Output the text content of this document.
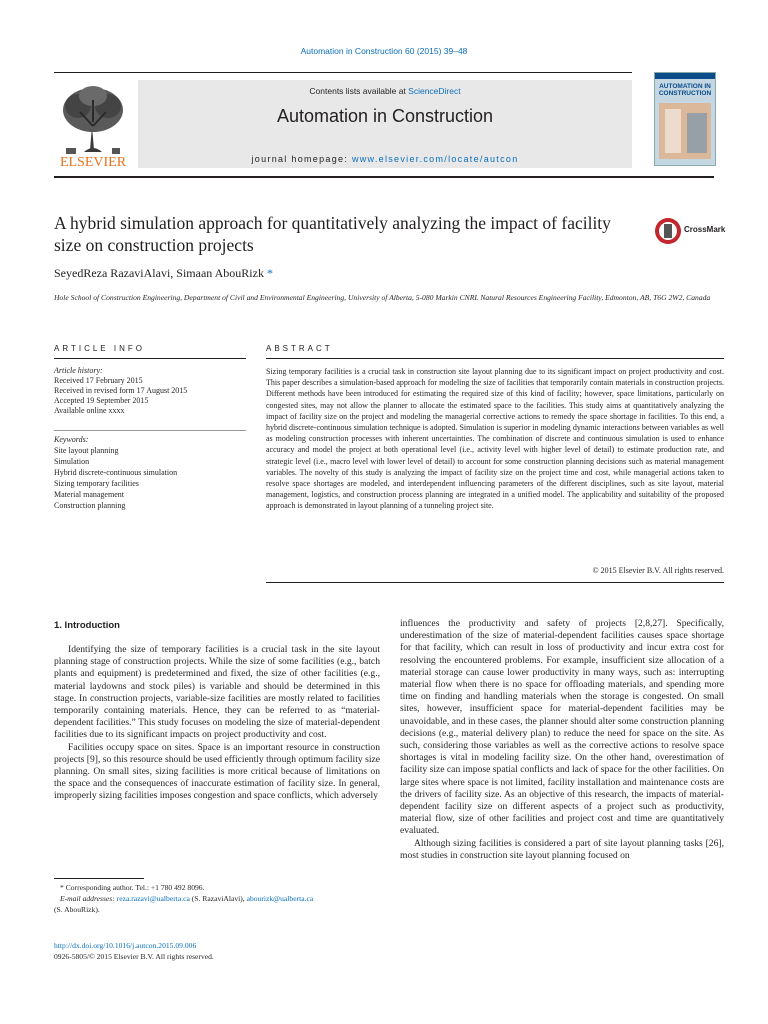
Automation in Construction 60 (2015) 39–48
ELSEVIER
Contents lists available at ScienceDirect
Automation in Construction
journal homepage: www.elsevier.com/locate/autcon
AUTOMATION IN CONSTRUCTION
A hybrid simulation approach for quantitatively analyzing the impact of facility size on construction projects
CrossMark
SeyedReza RazaviAlavi, Simaan AbouRizk *
Hole School of Construction Engineering, Department of Civil and Environmental Engineering, University of Alberta, 5-080 Markin CNRL Natural Resources Engineering Facility, Edmonton, AB, T6G 2W2, Canada
ARTICLE INFO	ABSTRACT
Article history:
Received 17 February 2015
Received in revised form 17 August 2015
Accepted 19 September 2015
Available online xxxx
Keywords:
Site layout planning
Simulation
Hybrid discrete-continuous simulation
Sizing temporary facilities
Material management
Construction planning
Sizing temporary facilities is a crucial task in construction site layout planning due to its significant impact on project productivity and cost. This paper describes a simulation-based approach for modeling the size of facilities that temporarily contain materials in construction projects. Different methods have been introduced for estimating the required size of this kind of facility; however, space limitations, particularly on congested sites, may not allow the planner to allocate the estimated space to the facilities. This study aims at quantitatively analyzing the impact of facility size on the project and modeling the managerial corrective actions to remedy the space shortage in facilities. To this end, a hybrid discrete-continuous simulation technique is adopted. Simulation is superior in modeling dynamic interactions between variables as well as modeling construction processes with inherent uncertainties. The combination of discrete and continuous simulation is used to enhance accuracy and model the project at both operational level (i.e., activity level with higher level of detail) to estimate production rate, and strategic level (i.e., macro level with lower level of detail) to account for some construction planning decisions such as material management variables. The novelty of this study is analyzing the impact of facility size on the project time and cost, while managerial actions taken to resolve space shortages are modeled, and interdependent influencing parameters of the different disciplines, such as site layout, material management, logistics, and construction process planning are integrated in a unified model. The applicability and suitability of the proposed approach is demonstrated in layout planning of a tunneling project site.
© 2015 Elsevier B.V. All rights reserved.
1. Introduction

Identifying the size of temporary facilities is a crucial task in the site layout planning stage of construction projects. While the size of some facilities (e.g., batch plants and equipment) is predetermined and fixed, the size of other facilities (e.g., material laydowns and stock piles) is variable and should be determined in this stage. In construction projects, variable-size facilities are mostly related to facilities temporarily containing materials. Hence, they can be referred to as “material-dependent facilities.” This study focuses on modeling the size of material-dependent facilities due to its significant impacts on project productivity and cost.

Facilities occupy space on sites. Space is an important resource in construction projects [9], so this resource should be used efficiently through optimum facility size planning. On small sites, sizing facilities is more critical because of limitations on the space and the consequences of inaccurate estimation of facility size. In general, improperly sizing facilities imposes congestion and space conflicts, which adversely

influences the productivity and safety of projects [2,8,27]. Specifically, underestimation of the size of material-dependent facilities causes space shortage for that facility, which can result in loss of productivity and incur extra cost for resolving the encountered problems. For example, insufficient size allocation of a material storage can cause lower productivity in many ways, such as: interrupting material flow when there is no space for offloading materials, and spending more time on finding and handling materials when the storage is congested. On small sites, however, insufficient space for material-dependent facilities may be unavoidable, and in these cases, the planner should alter some construction planning decisions (e.g., material delivery plan) to reduce the need for space on the site. As such, considering those variables as well as the corrective actions to resolve space shortages is vital in modeling facility size. On the other hand, overestimation of facility size can impose spatial conflicts and lack of space for the other facilities. On large sites where space is not limited, facility installation and maintenance costs are the drivers of facility size. As an objective of this research, the impacts of material-dependent facility size on different aspects of a project such as productivity, material flow, size of other facilities and project cost and time are quantitatively evaluated.

Although sizing facilities is considered a part of site layout planning tasks [26], most studies in construction site layout planning focused on

* Corresponding author. Tel.: +1 780 492 8096.
E-mail addresses: reza.razavi@ualberta.ca (S. RazaviAlavi), abourizk@ualberta.ca
(S. AbouRizk).
http://dx.doi.org/10.1016/j.autcon.2015.09.006
0926-5805/© 2015 Elsevier B.V. All rights reserved.
